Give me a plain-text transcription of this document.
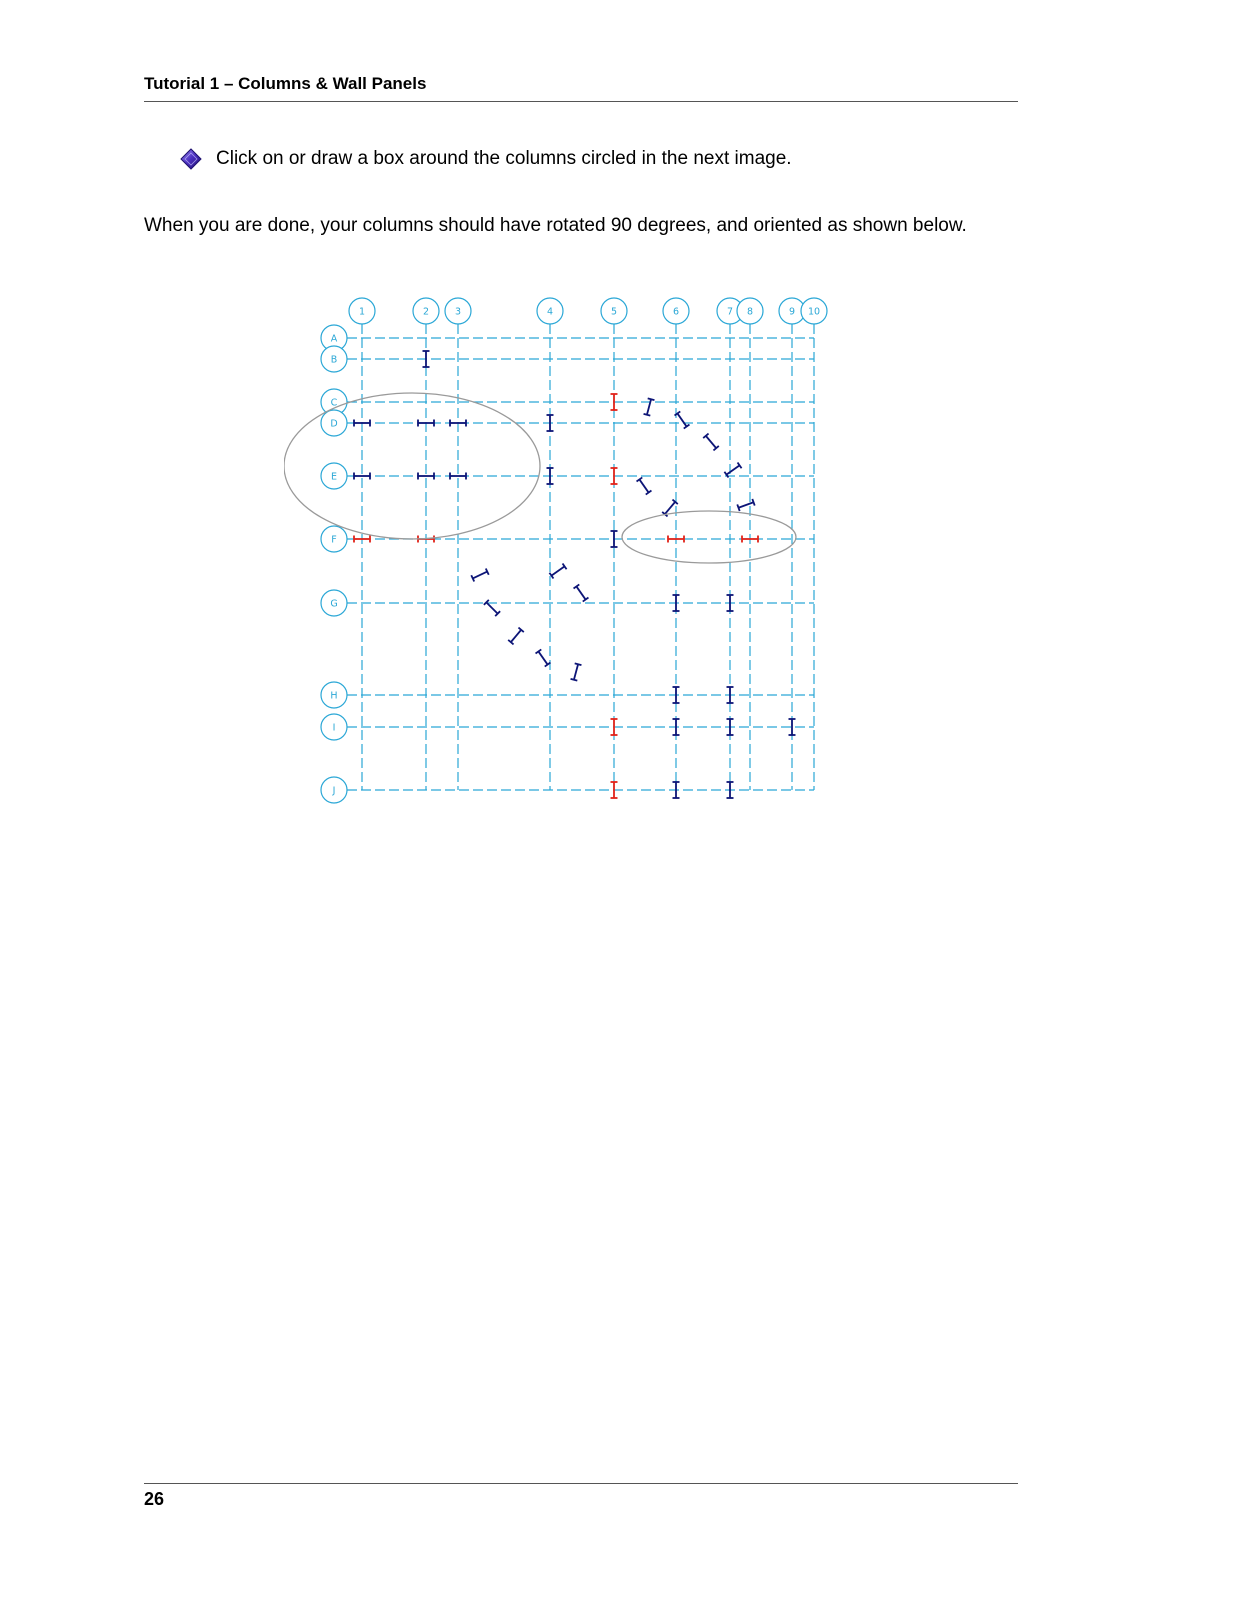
Tutorial 1 – Columns & Wall Panels
Click on or draw a box around the columns circled in the next image.
When you are done, your columns should have rotated 90 degrees, and oriented as shown below.
1	2	3	4	5	6	7 8	9 10
A
B
C
D
E
F
G
H
I
J
26
